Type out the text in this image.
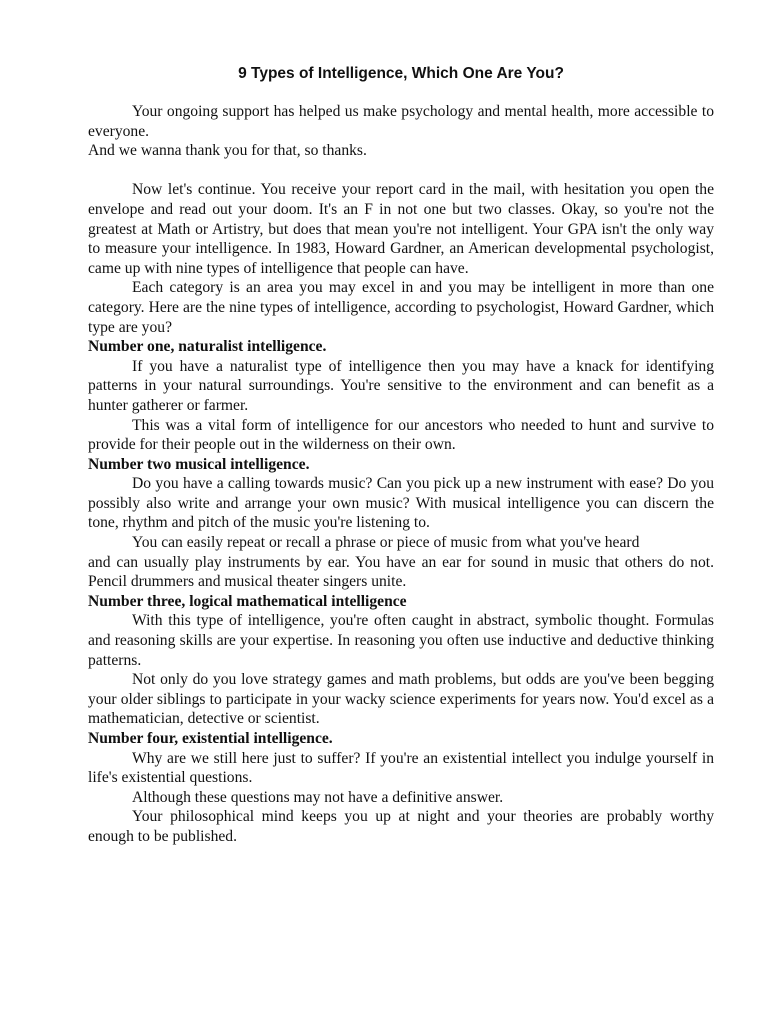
9 Types of Intelligence, Which One Are You?

Your ongoing support has helped us make psychology and mental health, more accessible to everyone.

And we wanna thank you for that, so thanks.

Now let's continue. You receive your report card in the mail, with hesitation you open the envelope and read out your doom. It's an F in not one but two classes. Okay, so you're not the greatest at Math or Artistry, but does that mean you're not intelligent. Your GPA isn't the only way to measure your intelligence. In 1983, Howard Gardner, an American developmental psychologist, came up with nine types of intelligence that people can have.

Each category is an area you may excel in and you may be intelligent in more than one category. Here are the nine types of intelligence, according to psychologist, Howard Gardner, which type are you?

Number one, naturalist intelligence.

If you have a naturalist type of intelligence then you may have a knack for identifying patterns in your natural surroundings. You're sensitive to the environment and can benefit as a hunter gatherer or farmer.

This was a vital form of intelligence for our ancestors who needed to hunt and survive to provide for their people out in the wilderness on their own.

Number two musical intelligence.

Do you have a calling towards music? Can you pick up a new instrument with ease? Do you possibly also write and arrange your own music? With musical intelligence you can discern the tone, rhythm and pitch of the music you're listening to.

You can easily repeat or recall a phrase or piece of music from what you've heard

and can usually play instruments by ear. You have an ear for sound in music that others do not. Pencil drummers and musical theater singers unite.

Number three, logical mathematical intelligence

With this type of intelligence, you're often caught in abstract, symbolic thought. Formulas and reasoning skills are your expertise. In reasoning you often use inductive and deductive thinking patterns.

Not only do you love strategy games and math problems, but odds are you've been begging your older siblings to participate in your wacky science experiments for years now. You'd excel as a mathematician, detective or scientist.

Number four, existential intelligence.

Why are we still here just to suffer? If you're an existential intellect you indulge yourself in life's existential questions.

Although these questions may not have a definitive answer.

Your philosophical mind keeps you up at night and your theories are probably worthy enough to be published.
